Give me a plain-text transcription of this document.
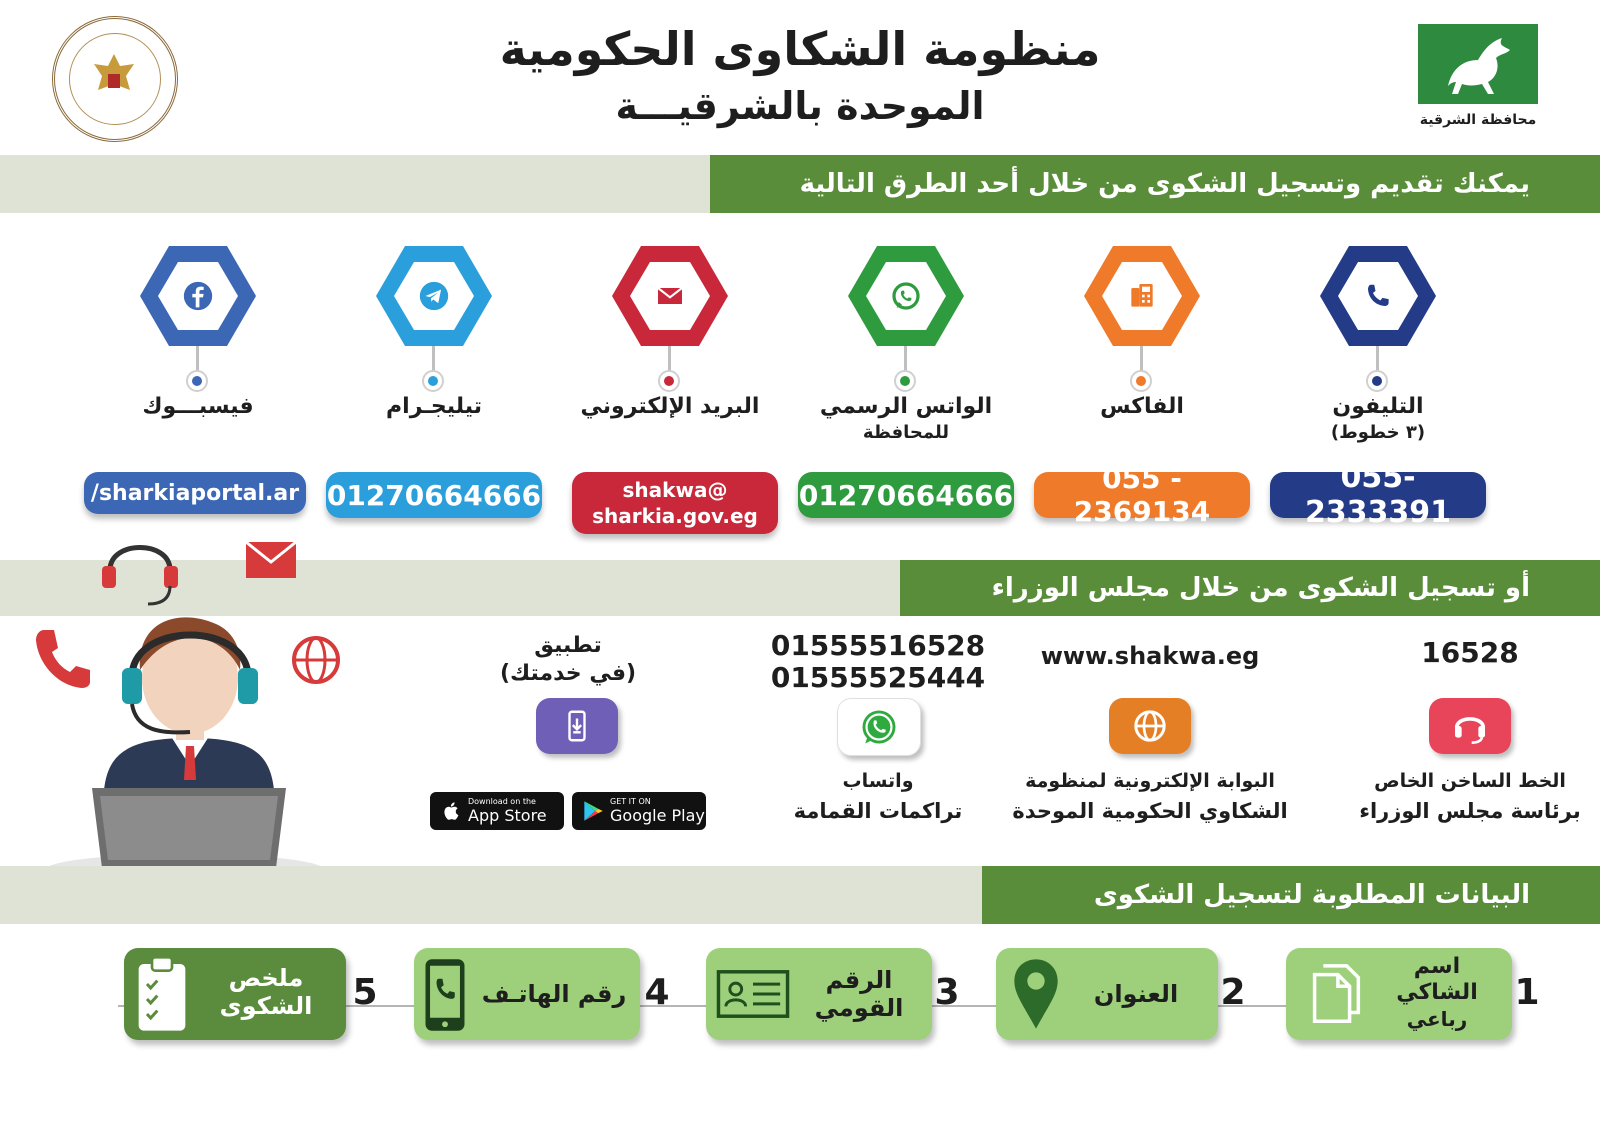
منظومة الشكاوى الحكومية
الموحدة بالشرقيـــة	محافظة الشرقية
يمكنك تقديم وتسجيل الشكوى من خلال أحد الطرق التالية
التليفون
(٣ خطوط)
055-2333391
الفاكس
055 - 2369134
الواتس الرسمي
للمحافظة
01270664666
البريد الإلكتروني
shakwa@
sharkia.gov.eg
تيليجـرام
01270664666
فيسبـــوك
/sharkiaportal.ar
أو تسجيل الشكوى من خلال مجلس الوزراء
16528
الخط الساخن الخاص
برئاسة مجلس الوزراء
www.shakwa.eg
البوابة الإلكترونية لمنظومة
الشكاوي الحكومية الموحدة
01555516528
01555525444
واتساب
تراكمات القمامة
تطبيق
(في خدمتك)
Download on the
App Store
GET IT ON
Google Play
البيانات المطلوبة لتسجيل الشكوى
1
اسم
الشاكي
رباعي
2
العنوان
3
الرقم
القومي
4
رقم الهاتـف
5
ملخص
الشكوى
